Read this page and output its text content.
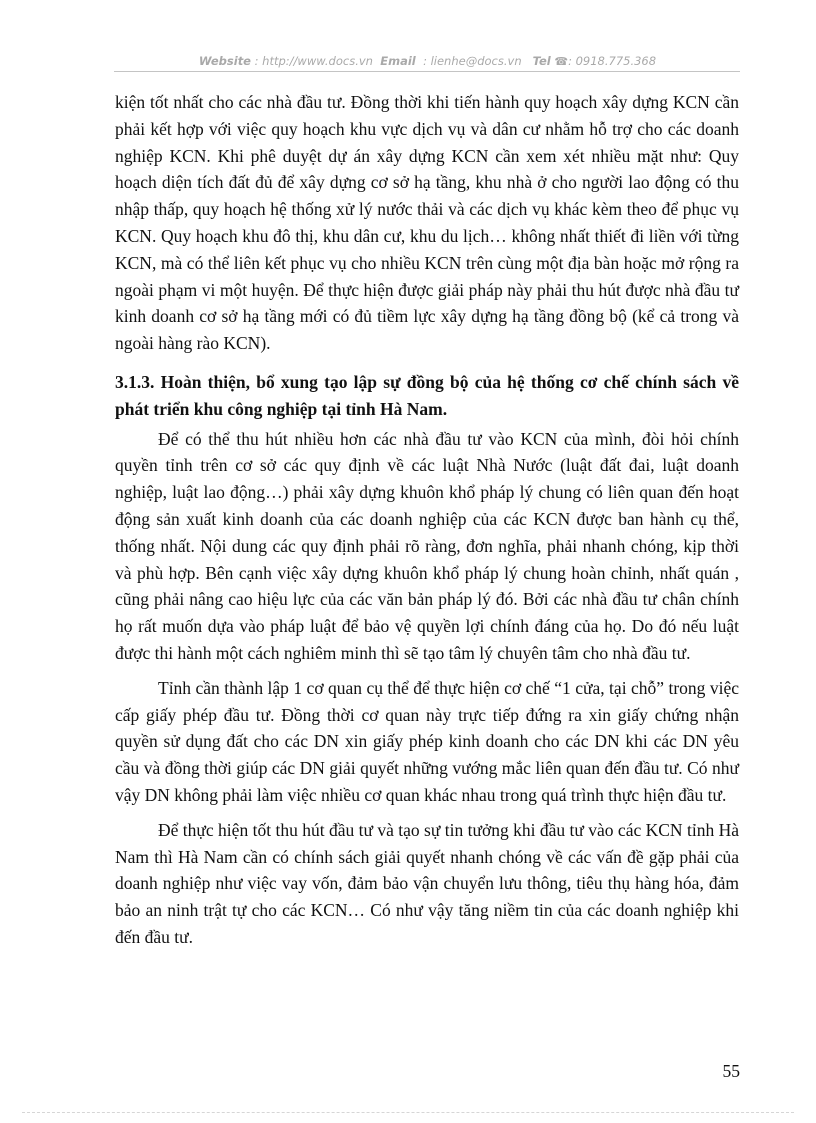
Website : http://www.docs.vn Email : lienhe@docs.vn Tel ☎: 0918.775.368

kiện tốt nhất cho các nhà đầu tư. Đồng thời khi tiến hành quy hoạch xây dựng KCN cần phải kết hợp với việc quy hoạch khu vực dịch vụ và dân cư nhằm hỗ trợ cho các doanh nghiệp KCN. Khi phê duyệt dự án xây dựng KCN cần xem xét nhiều mặt như: Quy hoạch diện tích đất đủ để xây dựng cơ sở hạ tầng, khu nhà ở cho người lao động có thu nhập thấp, quy hoạch hệ thống xử lý nước thải và các dịch vụ khác kèm theo để phục vụ KCN. Quy hoạch khu đô thị, khu dân cư, khu du lịch… không nhất thiết đi liền với từng KCN, mà có thể liên kết phục vụ cho nhiều KCN trên cùng một địa bàn hoặc mở rộng ra ngoài phạm vi một huyện. Để thực hiện được giải pháp này phải thu hút được nhà đầu tư kinh doanh cơ sở hạ tầng mới có đủ tiềm lực xây dựng hạ tầng đồng bộ (kể cả trong và ngoài hàng rào KCN).

3.1.3. Hoàn thiện, bổ xung tạo lập sự đồng bộ của hệ thống cơ chế chính sách về phát triển khu công nghiệp tại tỉnh Hà Nam.

Để có thể thu hút nhiều hơn các nhà đầu tư vào KCN của mình, đòi hỏi chính quyền tỉnh trên cơ sở các quy định về các luật Nhà Nước (luật đất đai, luật doanh nghiệp, luật lao động…) phải xây dựng khuôn khổ pháp lý chung có liên quan đến hoạt động sản xuất kinh doanh của các doanh nghiệp của các KCN được ban hành cụ thể, thống nhất. Nội dung các quy định phải rõ ràng, đơn nghĩa, phải nhanh chóng, kịp thời và phù hợp. Bên cạnh việc xây dựng khuôn khổ pháp lý chung hoàn chỉnh, nhất quán , cũng phải nâng cao hiệu lực của các văn bản pháp lý đó. Bởi các nhà đầu tư chân chính họ rất muốn dựa vào pháp luật để bảo vệ quyền lợi chính đáng của họ. Do đó nếu luật được thi hành một cách nghiêm minh thì sẽ tạo tâm lý chuyên tâm cho nhà đầu tư.

Tỉnh cần thành lập 1 cơ quan cụ thể để thực hiện cơ chế “1 cửa, tại chỗ” trong việc cấp giấy phép đầu tư. Đồng thời cơ quan này trực tiếp đứng ra xin giấy chứng nhận quyền sử dụng đất cho các DN xin giấy phép kinh doanh cho các DN khi các DN yêu cầu và đồng thời giúp các DN giải quyết những vướng mắc liên quan đến đầu tư. Có như vậy DN không phải làm việc nhiều cơ quan khác nhau trong quá trình thực hiện đầu tư.

Để thực hiện tốt thu hút đầu tư và tạo sự tin tưởng khi đầu tư vào các KCN tỉnh Hà Nam thì Hà Nam cần có chính sách giải quyết nhanh chóng về các vấn đề gặp phải của doanh nghiệp như việc vay vốn, đảm bảo vận chuyển lưu thông, tiêu thụ hàng hóa, đảm bảo an ninh trật tự cho các KCN… Có như vậy tăng niềm tin của các doanh nghiệp khi đến đầu tư.

55
